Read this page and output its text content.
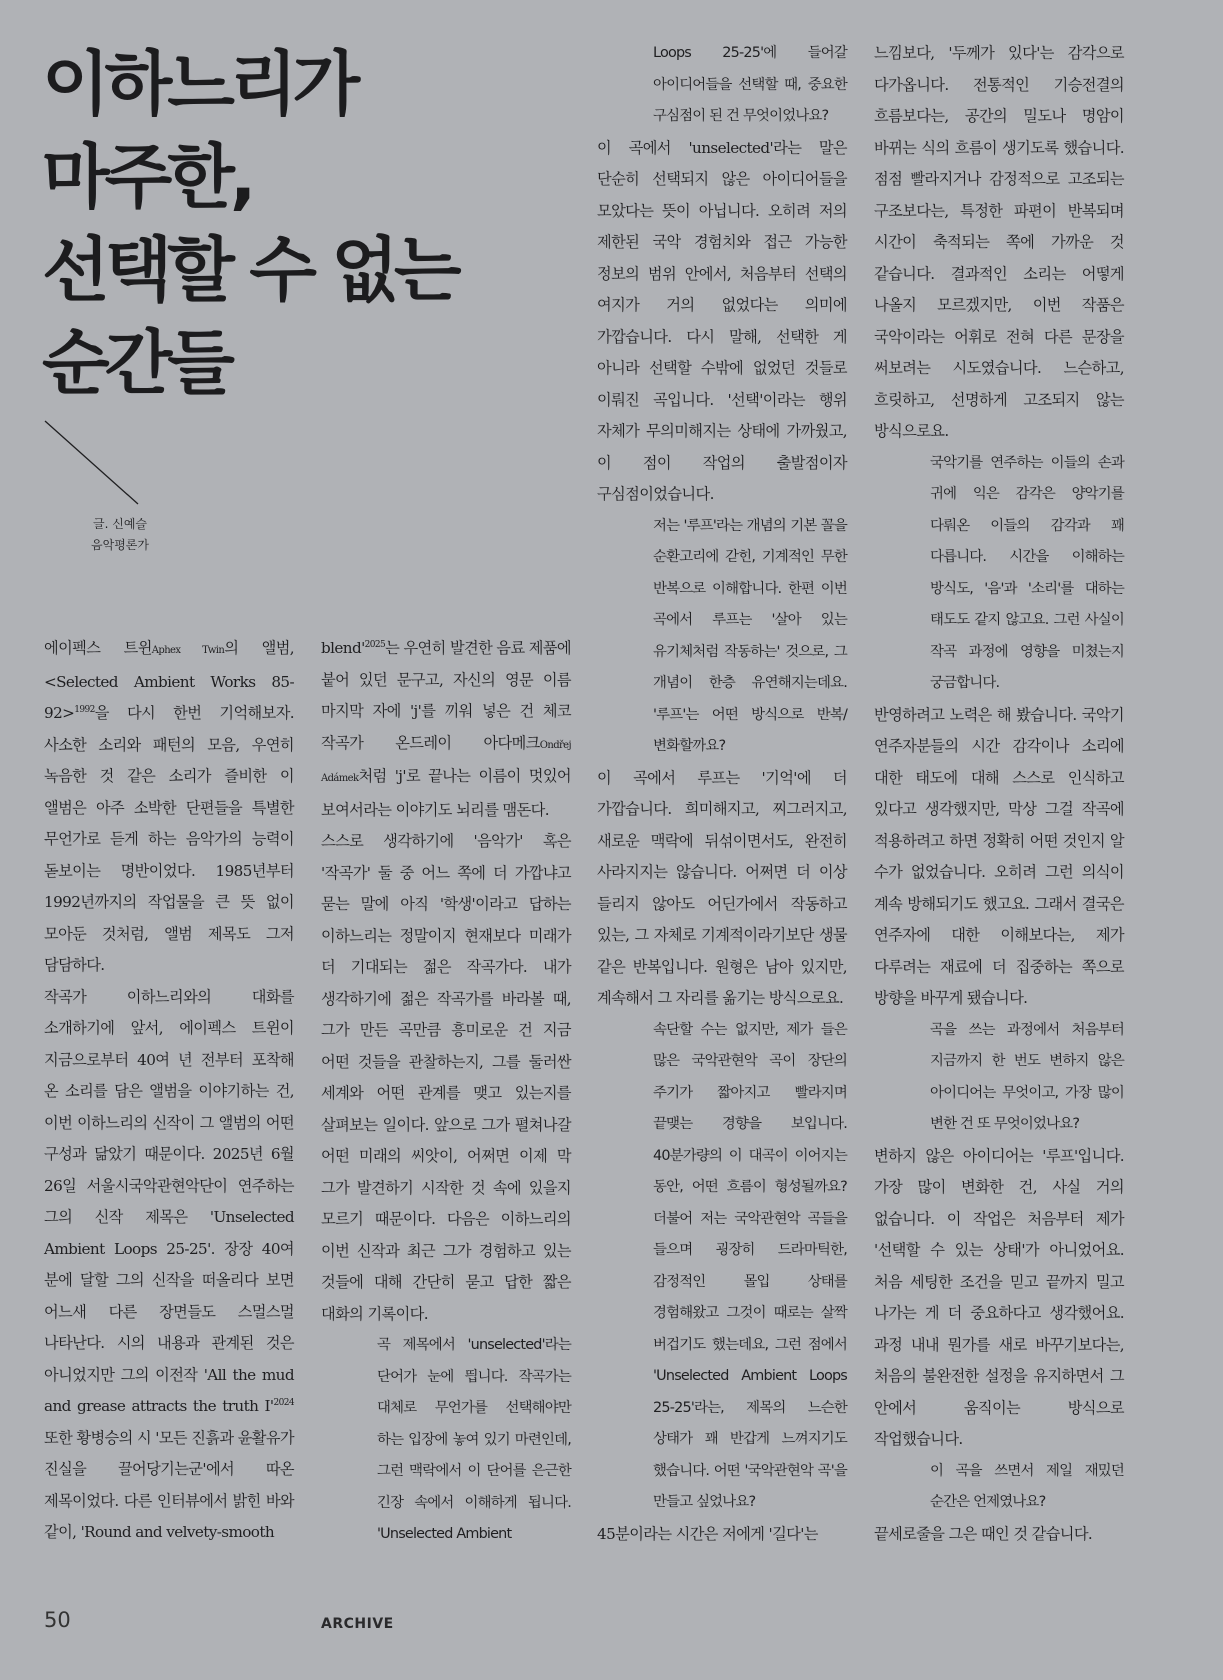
이하느리가
마주한,
선택할 수 없는
순간들
글. 신예슬
음악평론가

에이펙스 트윈Aphex Twin의 앨범, <Selected Ambient Works 85-92>$^{1992}$을 다시 한번 기억해보자. 사소한 소리와 패턴의 모음, 우연히 녹음한 것 같은 소리가 즐비한 이 앨범은 아주 소박한 단편들을 특별한 무언가로 듣게 하는 음악가의 능력이 돋보이는 명반이었다. 1985년부터 1992년까지의 작업물을 큰 뜻 없이 모아둔 것처럼, 앨범 제목도 그저 담담하다.

작곡가 이하느리와의 대화를 소개하기에 앞서, 에이펙스 트윈이 지금으로부터 40여 년 전부터 포착해 온 소리를 담은 앨범을 이야기하는 건, 이번 이하느리의 신작이 그 앨범의 어떤 구성과 닮았기 때문이다. 2025년 6월 26일 서울시국악관현악단이 연주하는 그의 신작 제목은 'Unselected Ambient Loops 25-25'. 장장 40여 분에 달할 그의 신작을 떠올리다 보면 어느새 다른 장면들도 스멀스멀 나타난다. 시의 내용과 관계된 것은 아니었지만 그의 이전작 'All the mud and grease attracts the truth $I'^{2024}$ 또한 황병승의 시 '모든 진흙과 윤활유가 진실을 끌어당기는군'에서 따온 제목이었다. 다른 인터뷰에서 밝힌 바와 같이, 'Round and velvety-smooth

$blend'^{2025}$는 우연히 발견한 음료 제품에 붙어 있던 문구고, 자신의 영문 이름 마지막 자에 'j'를 끼워 넣은 건 체코 작곡가 온드레이 아다메크Ondřej Adámek처럼 'j'로 끝나는 이름이 멋있어 보여서라는 이야기도 뇌리를 맴돈다.

스스로 생각하기에 '음악가' 혹은 '작곡가' 둘 중 어느 쪽에 더 가깝냐고 묻는 말에 아직 '학생'이라고 답하는 이하느리는 정말이지 현재보다 미래가 더 기대되는 젊은 작곡가다. 내가 생각하기에 젊은 작곡가를 바라볼 때, 그가 만든 곡만큼 흥미로운 건 지금 어떤 것들을 관찰하는지, 그를 둘러싼 세계와 어떤 관계를 맺고 있는지를 살펴보는 일이다. 앞으로 그가 펼쳐나갈 어떤 미래의 씨앗이, 어쩌면 이제 막 그가 발견하기 시작한 것 속에 있을지 모르기 때문이다. 다음은 이하느리의 이번 신작과 최근 그가 경험하고 있는 것들에 대해 간단히 묻고 답한 짧은 대화의 기록이다.

곡 제목에서 'unselected'라는 단어가 눈에 띕니다. 작곡가는 대체로 무언가를 선택해야만 하는 입장에 놓여 있기 마련인데, 그런 맥락에서 이 단어를 은근한 긴장 속에서 이해하게 됩니다. 'Unselected Ambient

Loops 25-25'에 들어갈 아이디어들을 선택할 때, 중요한 구심점이 된 건 무엇이었나요?

이 곡에서 'unselected'라는 말은 단순히 선택되지 않은 아이디어들을 모았다는 뜻이 아닙니다. 오히려 저의 제한된 국악 경험치와 접근 가능한 정보의 범위 안에서, 처음부터 선택의 여지가 거의 없었다는 의미에 가깝습니다. 다시 말해, 선택한 게 아니라 선택할 수밖에 없었던 것들로 이뤄진 곡입니다. '선택'이라는 행위 자체가 무의미해지는 상태에 가까웠고, 이 점이 작업의 출발점이자 구심점이었습니다.

저는 '루프'라는 개념의 기본 꼴을 순환고리에 갇힌, 기계적인 무한 반복으로 이해합니다. 한편 이번 곡에서 루프는 '살아 있는 유기체처럼 작동하는' 것으로, 그 개념이 한층 유연해지는데요. '루프'는 어떤 방식으로 반복/변화할까요?

이 곡에서 루프는 '기억'에 더 가깝습니다. 희미해지고, 찌그러지고, 새로운 맥락에 뒤섞이면서도, 완전히 사라지지는 않습니다. 어쩌면 더 이상 들리지 않아도 어딘가에서 작동하고 있는, 그 자체로 기계적이라기보단 생물 같은 반복입니다. 원형은 남아 있지만, 계속해서 그 자리를 옮기는 방식으로요.

속단할 수는 없지만, 제가 들은 많은 국악관현악 곡이 장단의 주기가 짧아지고 빨라지며 끝맺는 경향을 보입니다. 40분가량의 이 대곡이 이어지는 동안, 어떤 흐름이 형성될까요? 더불어 저는 국악관현악 곡들을 들으며 굉장히 드라마틱한, 감정적인 몰입 상태를 경험해왔고 그것이 때로는 살짝 버겁기도 했는데요, 그런 점에서 'Unselected Ambient Loops 25-25'라는, 제목의 느슨한 상태가 꽤 반갑게 느껴지기도 했습니다. 어떤 '국악관현악 곡'을 만들고 싶었나요?

45분이라는 시간은 저에게 '길다'는

느낌보다, '두께가 있다'는 감각으로 다가옵니다. 전통적인 기승전결의 흐름보다는, 공간의 밀도나 명암이 바뀌는 식의 흐름이 생기도록 했습니다. 점점 빨라지거나 감정적으로 고조되는 구조보다는, 특정한 파편이 반복되며 시간이 축적되는 쪽에 가까운 것 같습니다. 결과적인 소리는 어떻게 나올지 모르겠지만, 이번 작품은 국악이라는 어휘로 전혀 다른 문장을 써보려는 시도였습니다. 느슨하고, 흐릿하고, 선명하게 고조되지 않는 방식으로요.

국악기를 연주하는 이들의 손과 귀에 익은 감각은 양악기를 다뤄온 이들의 감각과 꽤 다릅니다. 시간을 이해하는 방식도, '음'과 '소리'를 대하는 태도도 같지 않고요. 그런 사실이 작곡 과정에 영향을 미쳤는지 궁금합니다.

반영하려고 노력은 해 봤습니다. 국악기 연주자분들의 시간 감각이나 소리에 대한 태도에 대해 스스로 인식하고 있다고 생각했지만, 막상 그걸 작곡에 적용하려고 하면 정확히 어떤 것인지 알 수가 없었습니다. 오히려 그런 의식이 계속 방해되기도 했고요. 그래서 결국은 연주자에 대한 이해보다는, 제가 다루려는 재료에 더 집중하는 쪽으로 방향을 바꾸게 됐습니다.

곡을 쓰는 과정에서 처음부터 지금까지 한 번도 변하지 않은 아이디어는 무엇이고, 가장 많이 변한 건 또 무엇이었나요?

변하지 않은 아이디어는 '루프'입니다. 가장 많이 변화한 건, 사실 거의 없습니다. 이 작업은 처음부터 제가 '선택할 수 있는 상태'가 아니었어요. 처음 세팅한 조건을 믿고 끝까지 밀고 나가는 게 더 중요하다고 생각했어요. 과정 내내 뭔가를 새로 바꾸기보다는, 처음의 불완전한 설정을 유지하면서 그 안에서 움직이는 방식으로 작업했습니다.

이 곡을 쓰면서 제일 재밌던 순간은 언제였나요?

끝세로줄을 그은 때인 것 같습니다.

50	ARCHIVE
